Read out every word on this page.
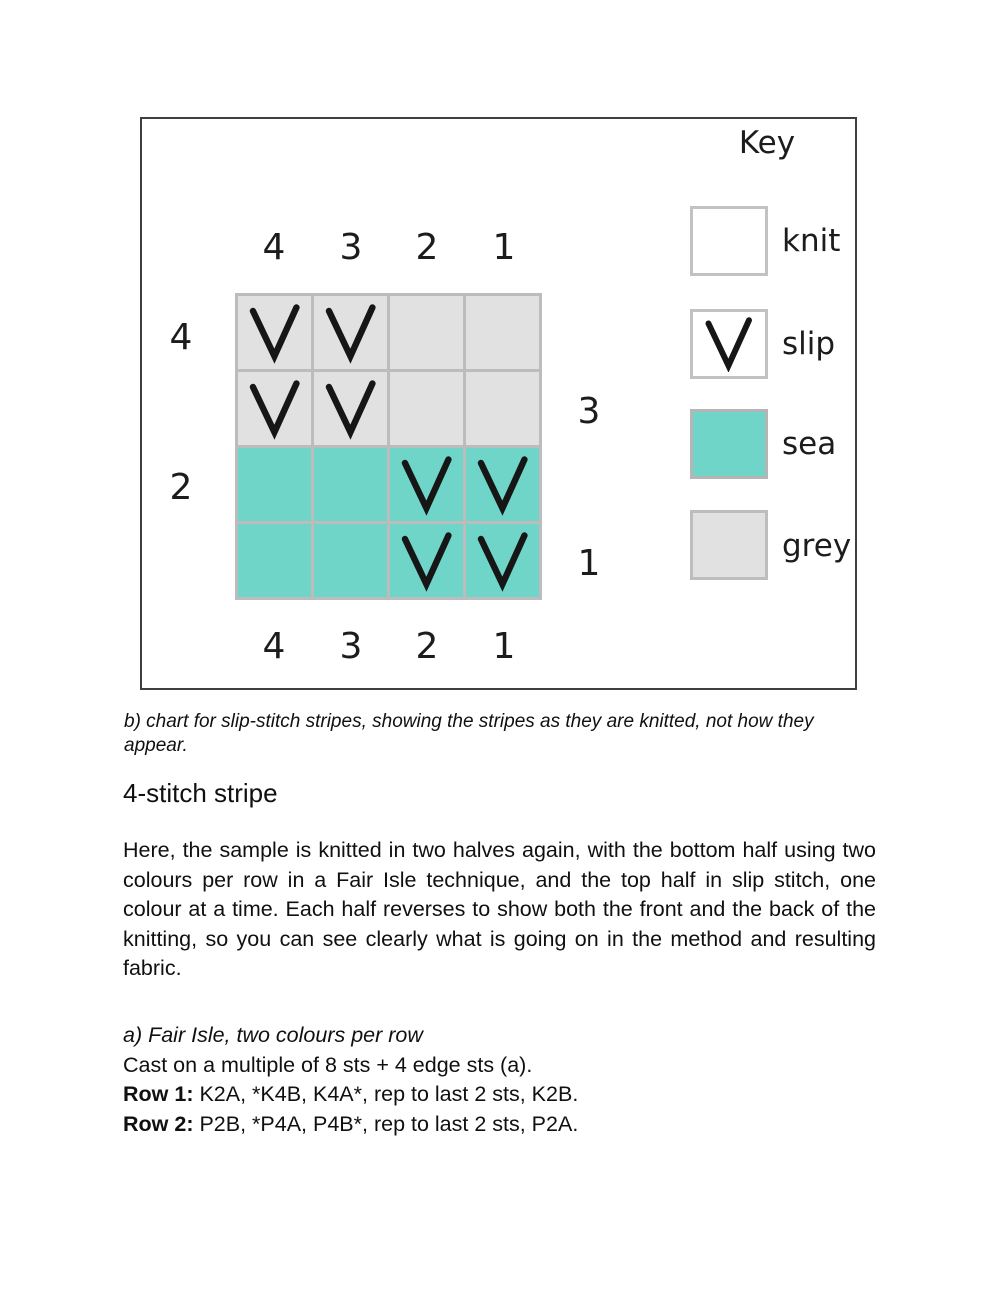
Key
knit
slip
sea
grey
4 3 2 1
4 3 2 1
4
3
2
1
b) chart for slip-stitch stripes, showing the stripes as they are knitted, not how they appear.
4-stitch stripe
Here, the sample is knitted in two halves again, with the bottom half using two colours per row in a Fair Isle technique, and the top half in slip stitch, one colour at a time. Each half reverses to show both the front and the back of the knitting, so you can see clearly what is going on in the method and resulting fabric.
a) Fair Isle, two colours per row
Cast on a multiple of 8 sts + 4 edge sts (a).
Row 1: K2A, *K4B, K4A*, rep to last 2 sts, K2B.
Row 2: P2B, *P4A, P4B*, rep to last 2 sts, P2A.
